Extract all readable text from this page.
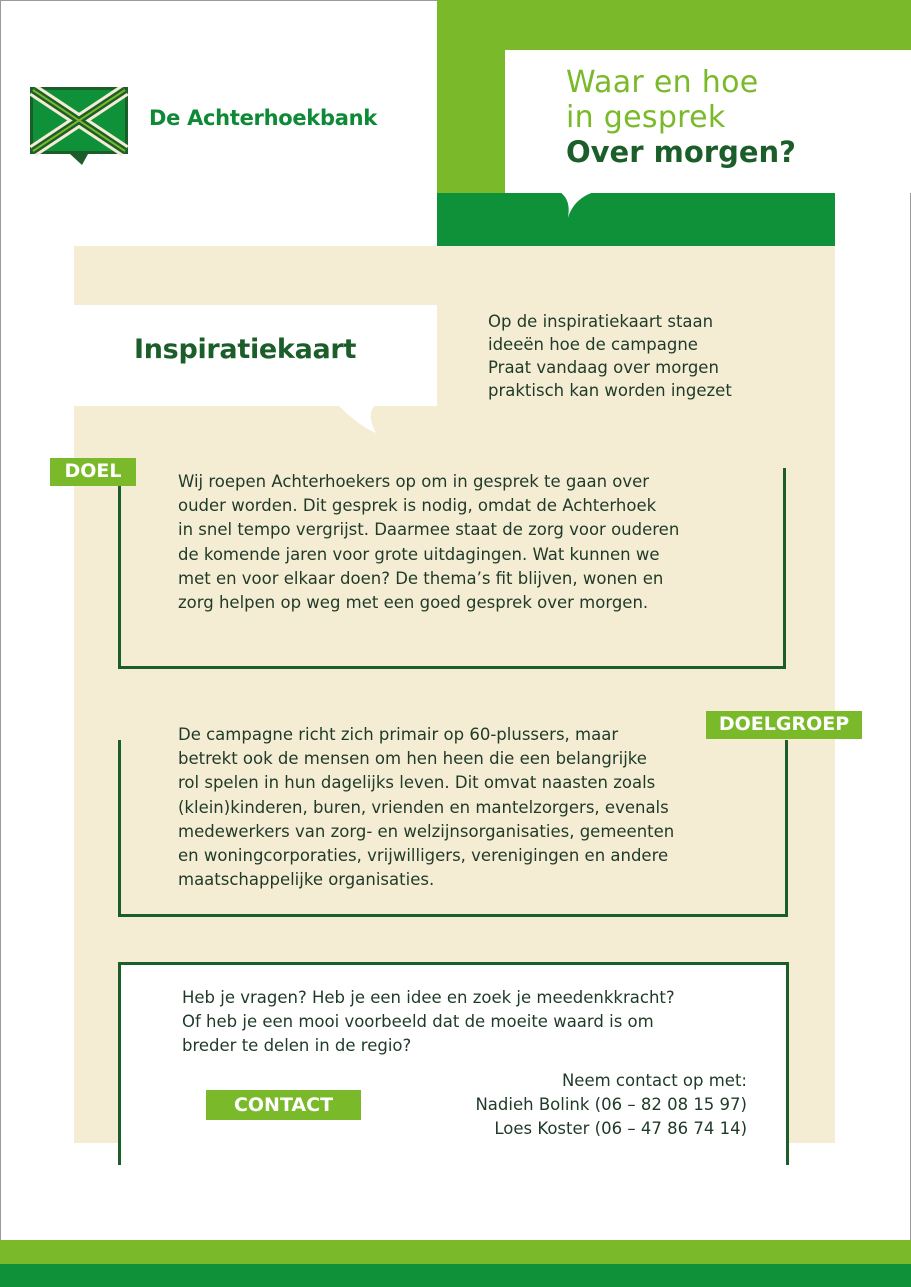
Waar en hoe
in gesprek
Over morgen?
De Achterhoekbank
Inspiratiekaart

Op de inspiratiekaart staan

ideeën hoe de campagne

Praat vandaag over morgen

praktisch kan worden ingezet

DOEL	Wij roepen Achterhoekers op om in gesprek te gaan over

ouder worden. Dit gesprek is nodig, omdat de Achterhoek

in snel tempo vergrijst. Daarmee staat de zorg voor ouderen

de komende jaren voor grote uitdagingen. Wat kunnen we

met en voor elkaar doen? De thema’s fit blijven, wonen en

zorg helpen op weg met een goed gesprek over morgen.

DOELGROEP

De campagne richt zich primair op 60-plussers, maar

betrekt ook de mensen om hen heen die een belangrijke

rol spelen in hun dagelijks leven. Dit omvat naasten zoals

(klein)kinderen, buren, vrienden en mantelzorgers, evenals

medewerkers van zorg- en welzijnsorganisaties, gemeenten

en woningcorporaties, vrijwilligers, verenigingen en andere

maatschappelijke organisaties.

Heb je vragen? Heb je een idee en zoek je meedenkkracht?

Of heb je een mooi voorbeeld dat de moeite waard is om

breder te delen in de regio?

CONTACT

Neem contact op met:

Nadieh Bolink (06 – 82 08 15 97)

Loes Koster (06 – 47 86 74 14)
